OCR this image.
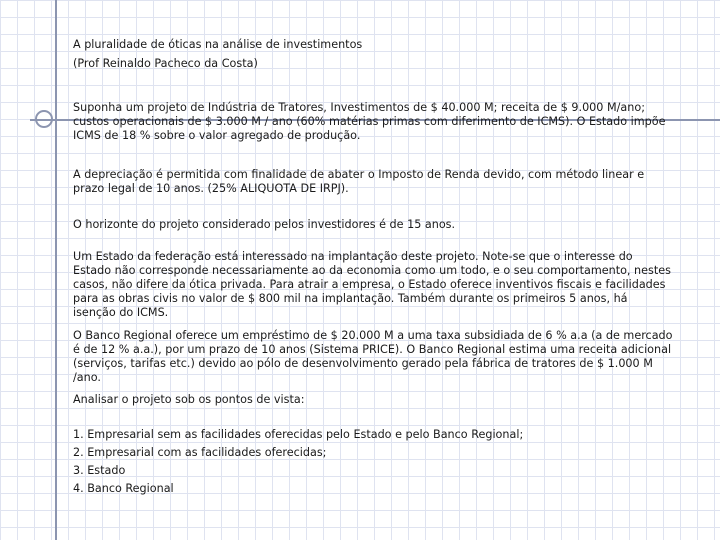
A pluralidade de óticas na análise de investimentos
(Prof Reinaldo Pacheco da Costa)
Suponha um projeto de Indústria de Tratores, Investimentos de $ 40.000 M; receita de $ 9.000 M/ano; custos operacionais de $ 3.000 M / ano (60% matérias primas com diferimento de ICMS). O Estado impõe ICMS de 18 % sobre o valor agregado de produção.
A depreciação é permitida com finalidade de abater o Imposto de Renda devido, com método linear e prazo legal de 10 anos. (25% ALIQUOTA DE IRPJ).
O horizonte do projeto considerado pelos investidores é de 15 anos.
Um Estado da federação está interessado na implantação deste projeto. Note-se que o interesse do Estado não corresponde necessariamente ao da economia como um todo, e o seu comportamento, nestes casos, não difere da ótica privada. Para atrair a empresa, o Estado oferece inventivos fiscais e facilidades para as obras civis no valor de $ 800 mil na implantação. Também durante os primeiros 5 anos, há isenção do ICMS.
O Banco Regional oferece um empréstimo de $ 20.000 M a uma taxa subsidiada de 6 % a.a (a de mercado é de 12 % a.a.), por um prazo de 10 anos (Sistema PRICE). O Banco Regional estima uma receita adicional (serviços, tarifas etc.) devido ao pólo de desenvolvimento gerado pela fábrica de tratores de $ 1.000 M /ano.
Analisar o projeto sob os pontos de vista:
1. Empresarial sem as facilidades oferecidas pelo Estado e pelo Banco Regional;
2. Empresarial com as facilidades oferecidas;
3. Estado
4. Banco Regional
